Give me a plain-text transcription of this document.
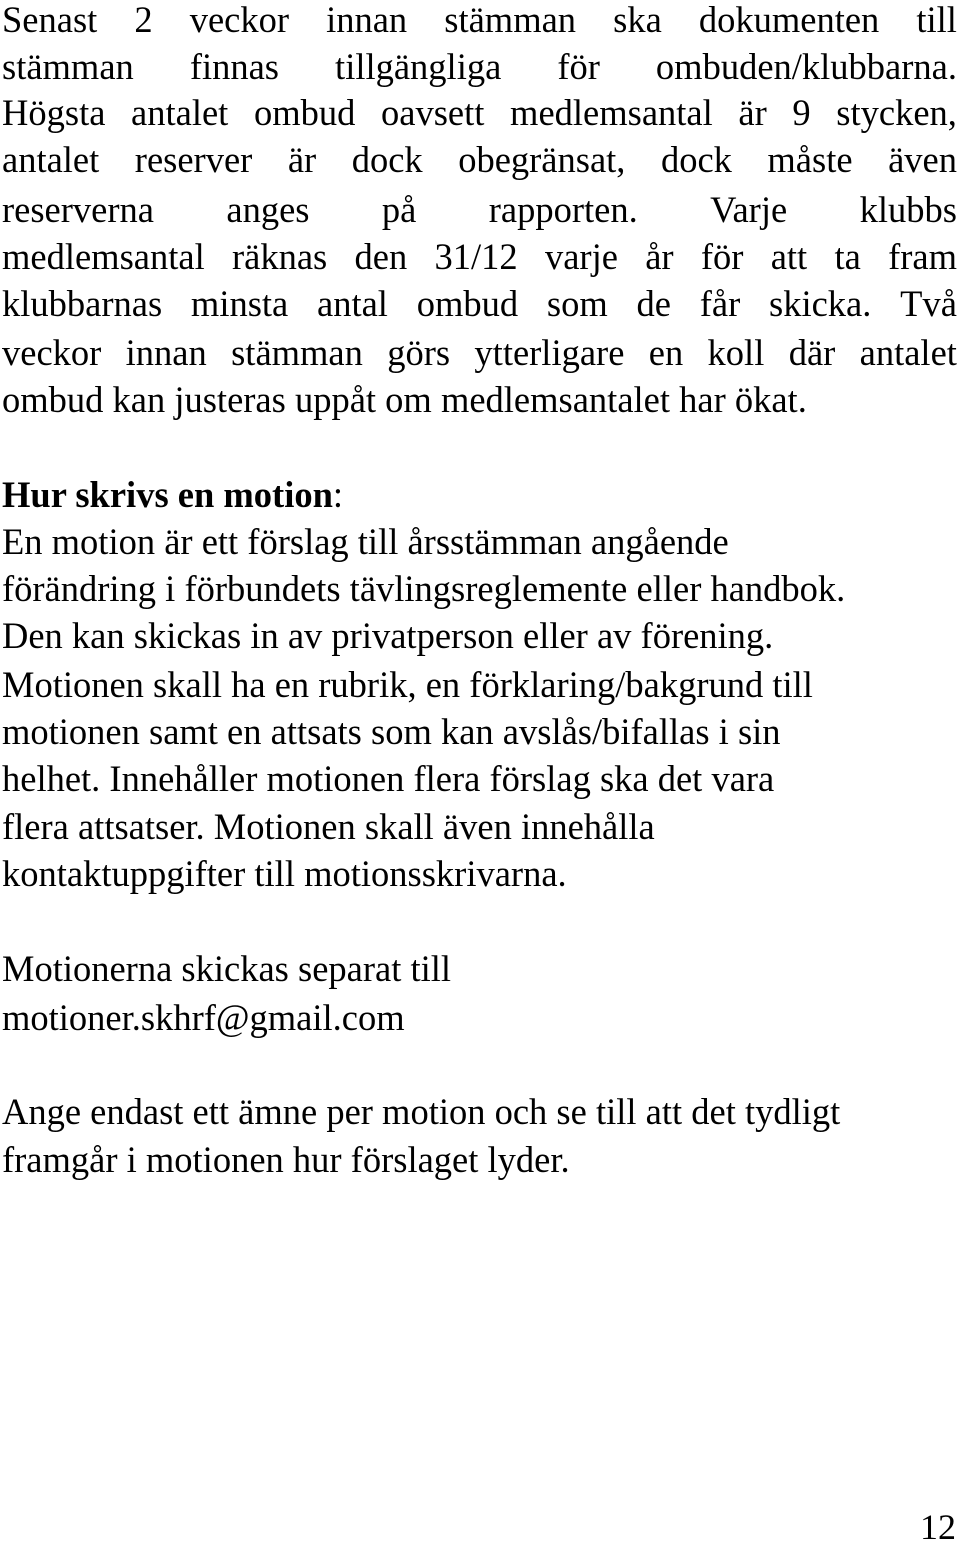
Senast 2 veckor innan stämman ska dokumenten till

stämman finnas tillgängliga för ombuden/klubbarna.

Högsta antalet ombud oavsett medlemsantal är 9 stycken,

antalet reserver är dock obegränsat, dock måste även

reserverna anges på rapporten. Varje klubbs

medlemsantal räknas den 31/12 varje år för att ta fram

klubbarnas minsta antal ombud som de får skicka. Två

veckor innan stämman görs ytterligare en koll där antalet

ombud kan justeras uppåt om medlemsantalet har ökat.

Hur skrivs en motion:

En motion är ett förslag till årsstämman angående

förändring i förbundets tävlingsreglemente eller handbok.

Den kan skickas in av privatperson eller av förening.

Motionen skall ha en rubrik, en förklaring/bakgrund till

motionen samt en attsats som kan avslås/bifallas i sin

helhet. Innehåller motionen flera förslag ska det vara

flera attsatser. Motionen skall även innehålla

kontaktuppgifter till motionsskrivarna.

Motionerna skickas separat till

motioner.skhrf@gmail.com

Ange endast ett ämne per motion och se till att det tydligt

framgår i motionen hur förslaget lyder.

12
